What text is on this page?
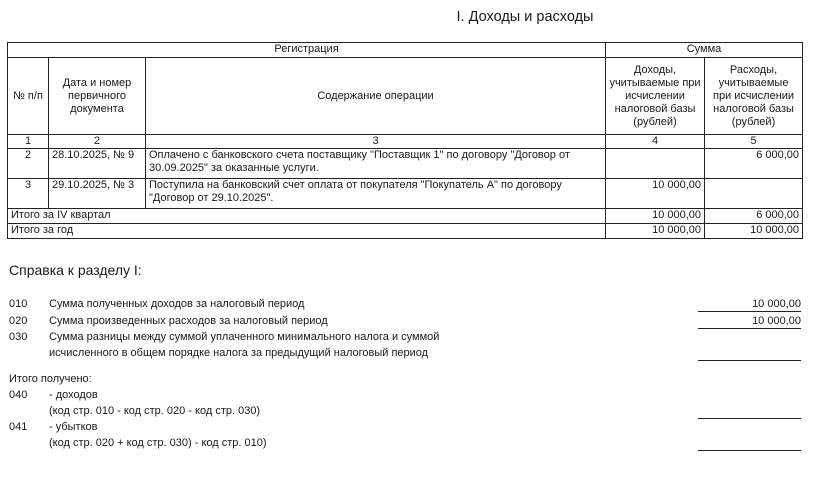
I. Доходы и расходы
Регистрация			Сумма	
№ п/п	Дата и номер первичного документа	Содержание операции	Доходы, учитываемые при исчислении налоговой базы (рублей)	Расходы, учитываемые при исчислении налоговой базы (рублей)
1	2	3	4	5
2	28.10.2025, № 9	Оплачено с банковского счета поставщику "Поставщик 1" по договору "Договор от 30.09.2025" за оказанные услуги.		6 000,00
3	29.10.2025, № 3	Поступила на банковский счет оплата от покупателя "Покупатель А" по договору "Договор от 29.10.2025".	10 000,00	
Итого за IV квартал			10 000,00	6 000,00
Итого за год			10 000,00	10 000,00
Справка к разделу I:
010 Сумма полученных доходов за налоговый период	10 000,00
020 Сумма произведенных расходов за налоговый период	10 000,00
030 Сумма разницы между суммой уплаченного минимального налога и суммой
исчисленного в общем порядке налога за предыдущий налоговый период
Итого получено:
040 - доходов
(код стр. 010 - код стр. 020 - код стр. 030)
041 - убытков
(код стр. 020 + код стр. 030) - код стр. 010)
